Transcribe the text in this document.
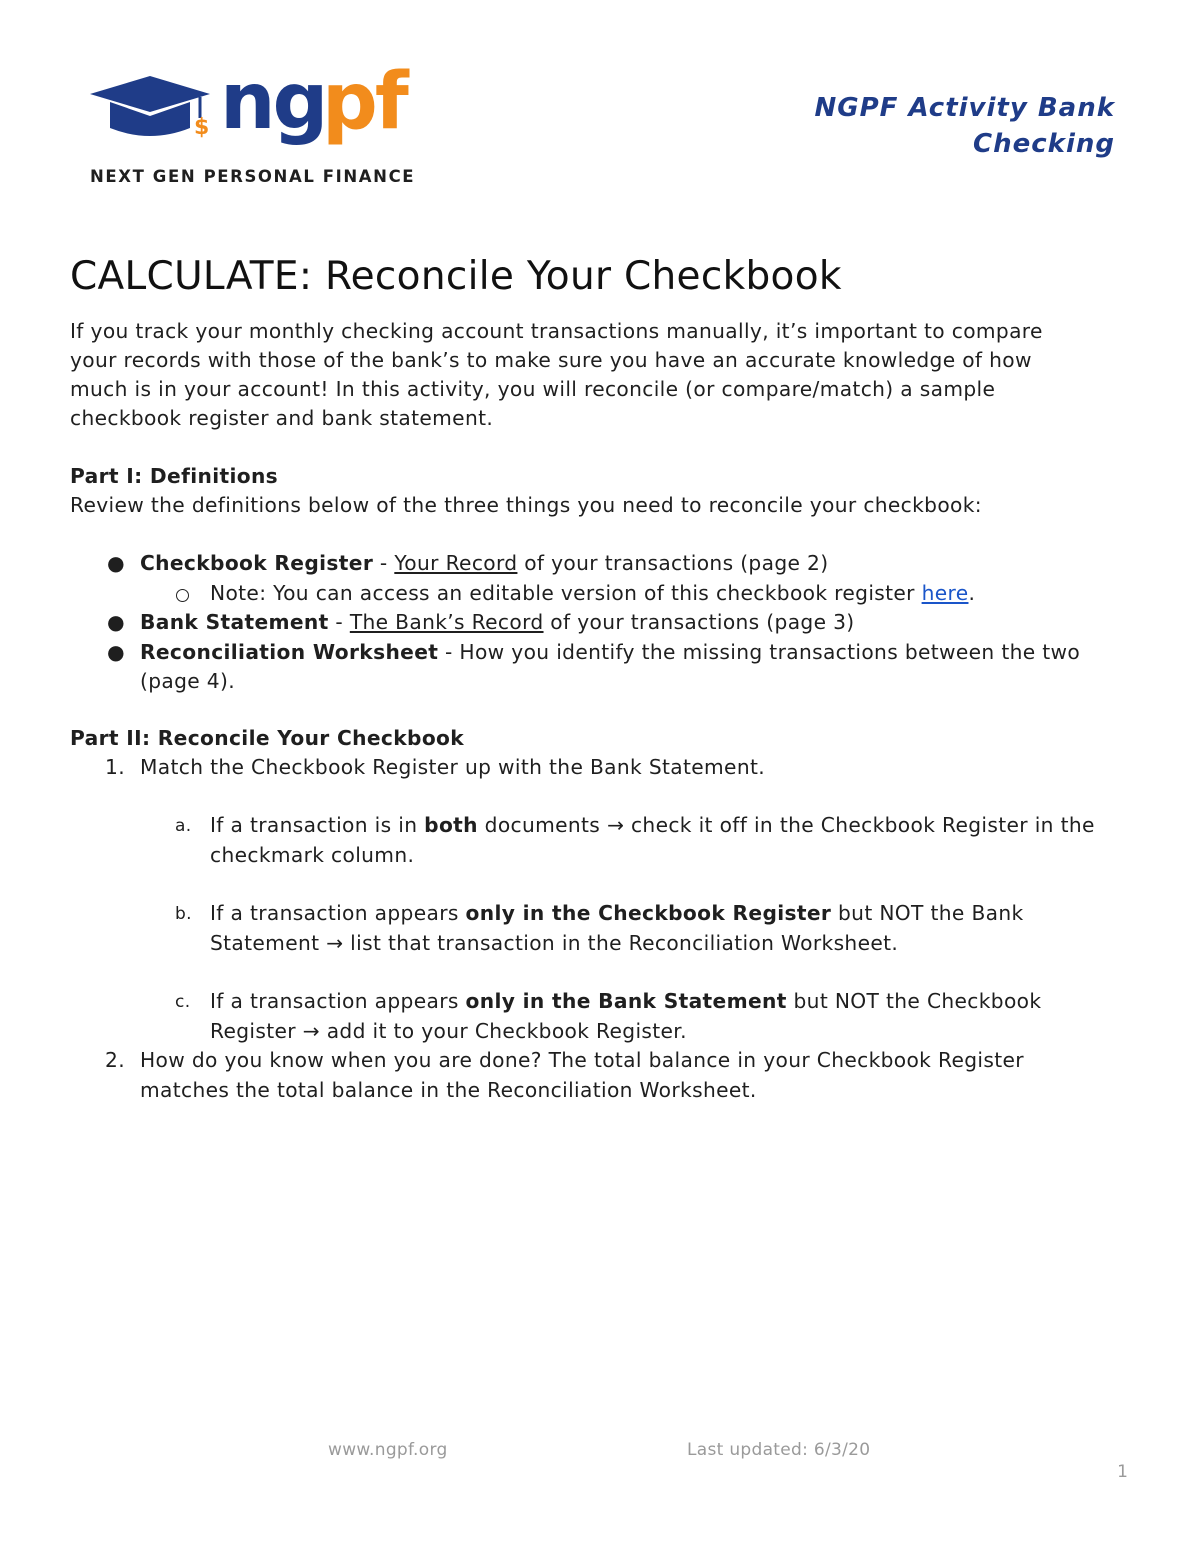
$ ng
pf
NEXT GEN PERSONAL FINANCE
NGPF Activity Bank
Checking
CALCULATE: Reconcile Your Checkbook

If you track your monthly checking account transactions manually, it’s important to compare

your records with those of the bank’s to make sure you have an accurate knowledge of how

much is in your account! In this activity, you will reconcile (or compare/match) a sample

checkbook register and bank statement.

Part I: Definitions

Review the definitions below of the three things you need to reconcile your checkbook:

● Checkbook Register - Your Record of your transactions (page 2)
Note: You can access an editable version of this checkbook register here.
● Bank Statement - The Bank’s Record of your transactions (page 3)
● Reconciliation Worksheet - How you identify the missing transactions between the two
(page 4).

Part II: Reconcile Your Checkbook

1. Match the Checkbook Register up with the Bank Statement.
a. If a transaction is in both documents → check it off in the Checkbook Register in the
checkmark column.
b. If a transaction appears only in the Checkbook Register but NOT the Bank
Statement → list that transaction in the Reconciliation Worksheet.
c. If a transaction appears only in the Bank Statement but NOT the Checkbook
Register → add it to your Checkbook Register.
2. How do you know when you are done? The total balance in your Checkbook Register
matches the total balance in the Reconciliation Worksheet.
www.ngpf.org	Last updated: 6/3/20
1
